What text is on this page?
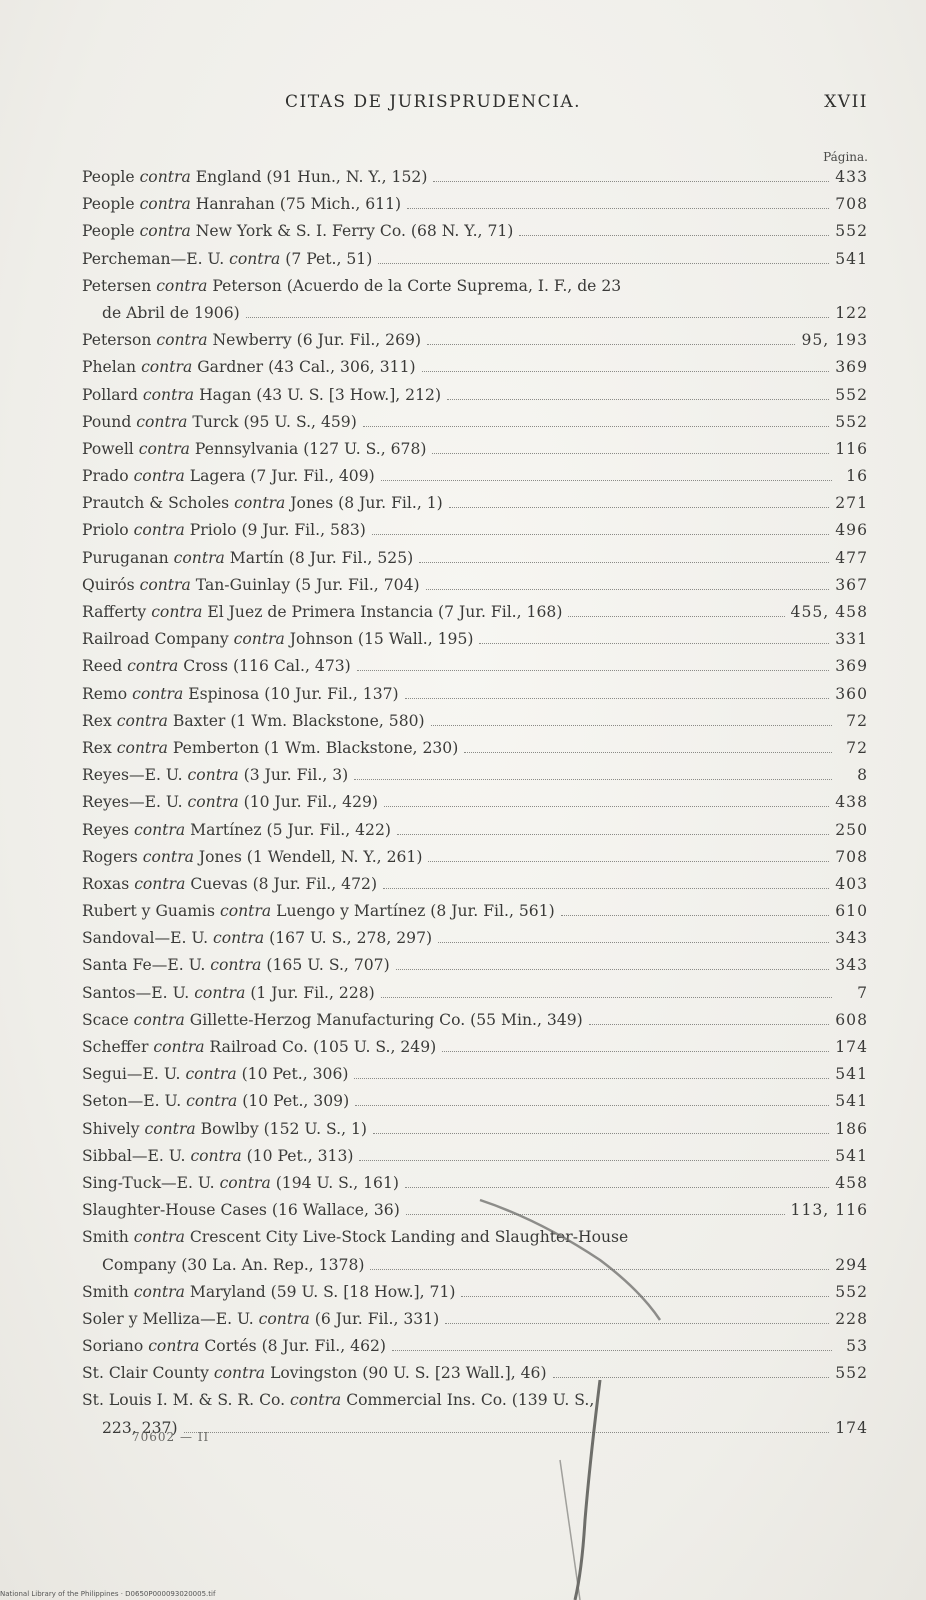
CITAS DE JURISPRUDENCIA.	XVII
Página.
People contra England (91 Hun., N. Y., 152)	433
People contra Hanrahan (75 Mich., 611)	708
People contra New York & S. I. Ferry Co. (68 N. Y., 71)	552
Percheman—E. U. contra (7 Pet., 51)	541
Petersen contra Peterson (Acuerdo de la Corte Suprema, I. F., de 23
de Abril de 1906)	122
Peterson contra Newberry (6 Jur. Fil., 269)	95, 193
Phelan contra Gardner (43 Cal., 306, 311)	369
Pollard contra Hagan (43 U. S. [3 How.], 212)	552
Pound contra Turck (95 U. S., 459)	552
Powell contra Pennsylvania (127 U. S., 678)	116
Prado contra Lagera (7 Jur. Fil., 409)	16
Prautch & Scholes contra Jones (8 Jur. Fil., 1)	271
Priolo contra Priolo (9 Jur. Fil., 583)	496
Puruganan contra Martín (8 Jur. Fil., 525)	477
Quirós contra Tan-Guinlay (5 Jur. Fil., 704)	367
Rafferty contra El Juez de Primera Instancia (7 Jur. Fil., 168)	455, 458
Railroad Company contra Johnson (15 Wall., 195)	331
Reed contra Cross (116 Cal., 473)	369
Remo contra Espinosa (10 Jur. Fil., 137)	360
Rex contra Baxter (1 Wm. Blackstone, 580)	72
Rex contra Pemberton (1 Wm. Blackstone, 230)	72
Reyes—E. U. contra (3 Jur. Fil., 3)	8
Reyes—E. U. contra (10 Jur. Fil., 429)	438
Reyes contra Martínez (5 Jur. Fil., 422)	250
Rogers contra Jones (1 Wendell, N. Y., 261)	708
Roxas contra Cuevas (8 Jur. Fil., 472)	403
Rubert y Guamis contra Luengo y Martínez (8 Jur. Fil., 561)	610
Sandoval—E. U. contra (167 U. S., 278, 297)	343
Santa Fe—E. U. contra (165 U. S., 707)	343
Santos—E. U. contra (1 Jur. Fil., 228)	7
Scace contra Gillette-Herzog Manufacturing Co. (55 Min., 349)	608
Scheffer contra Railroad Co. (105 U. S., 249)	174
Segui—E. U. contra (10 Pet., 306)	541
Seton—E. U. contra (10 Pet., 309)	541
Shively contra Bowlby (152 U. S., 1)	186
Sibbal—E. U. contra (10 Pet., 313)	541
Sing-Tuck—E. U. contra (194 U. S., 161)	458
Slaughter-House Cases (16 Wallace, 36)	113, 116
Smith contra Crescent City Live-Stock Landing and Slaughter-House
Company (30 La. An. Rep., 1378)	294
Smith contra Maryland (59 U. S. [18 How.], 71)	552
Soler y Melliza—E. U. contra (6 Jur. Fil., 331)	228
Soriano contra Cortés (8 Jur. Fil., 462)	53
St. Clair County contra Lovingston (90 U. S. [23 Wall.], 46)	552
St. Louis I. M. & S. R. Co. contra Commercial Ins. Co. (139 U. S.,
223, 237)	174
70602 — II
National Library of the Philippines · D0650P000093020005.tif
